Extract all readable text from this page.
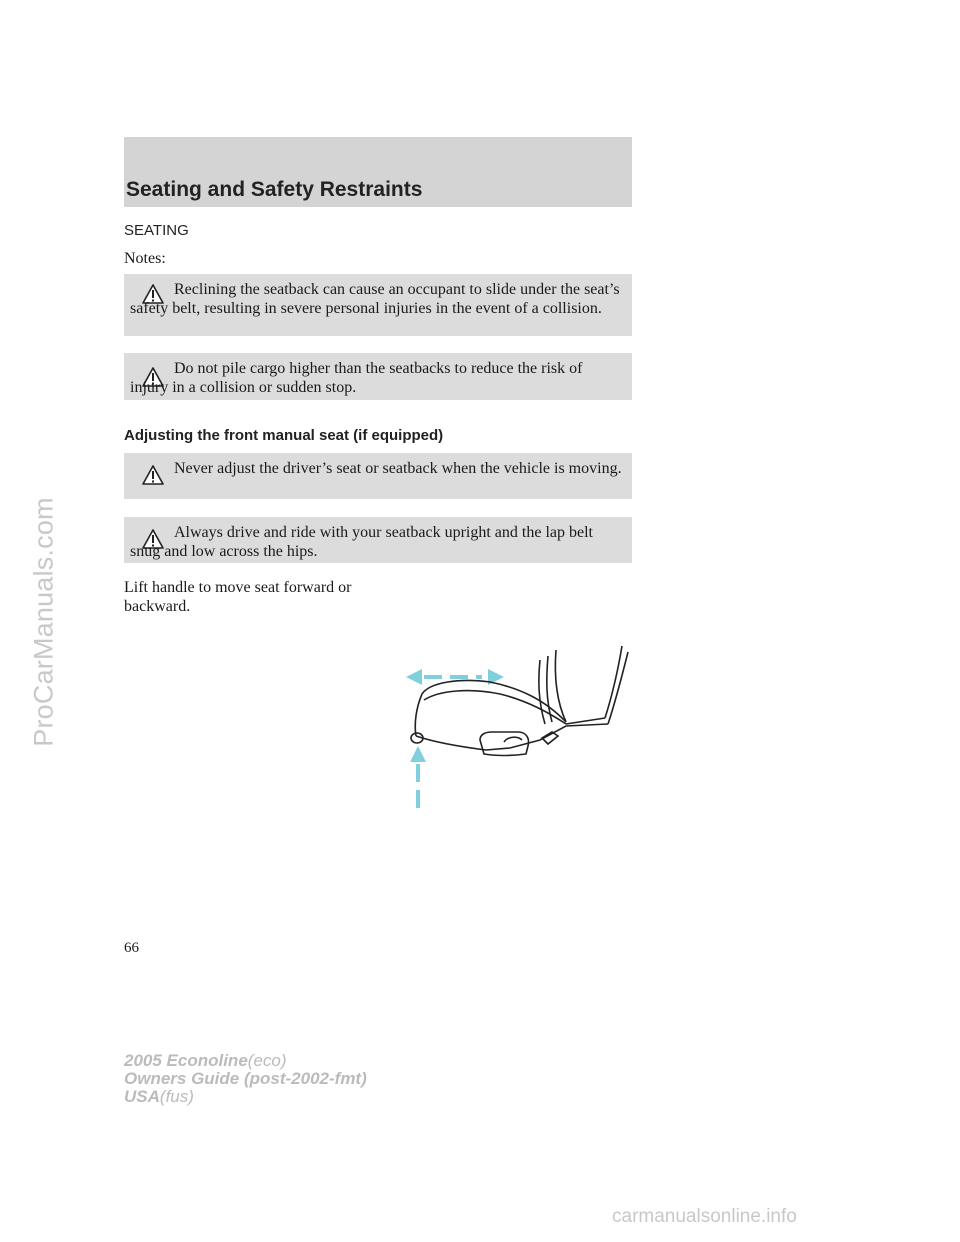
ProCarManuals.com
Seating and Safety Restraints
SEATING
Notes:
Reclining the seatback can cause an occupant to slide under the seat’s safety belt, resulting in severe personal injuries in the event of a collision.
Do not pile cargo higher than the seatbacks to reduce the risk of injury in a collision or sudden stop.
Adjusting the front manual seat (if equipped)
Never adjust the driver’s seat or seatback when the vehicle is moving.
Always drive and ride with your seatback upright and the lap belt snug and low across the hips.
Lift handle to move seat forward or backward.
66
2005 Econoline(eco)
Owners Guide (post-2002-fmt)
USA(fus)
carmanualsonline.info
